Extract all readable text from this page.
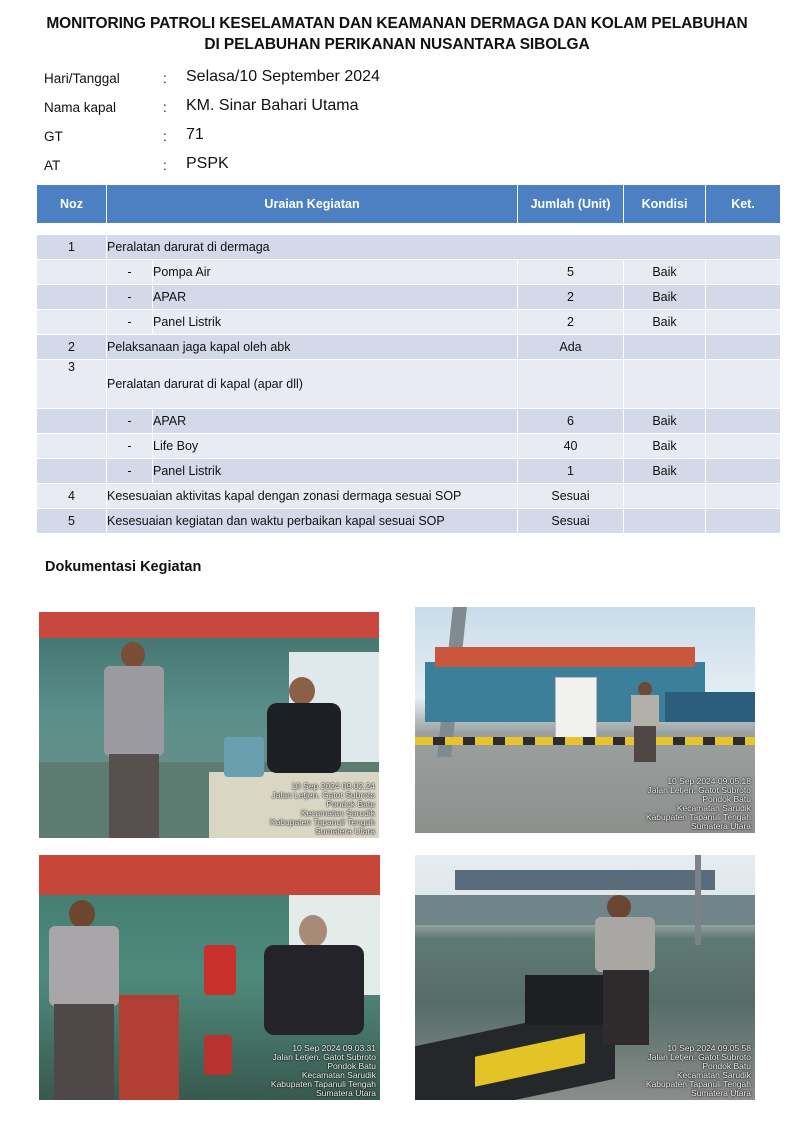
MONITORING PATROLI KESELAMATAN DAN KEAMANAN DERMAGA DAN KOLAM PELABUHAN
DI PELABUHAN PERIKANAN NUSANTARA SIBOLGA
Hari/Tanggal	: Selasa/10 September 2024
Nama kapal	: KM. Sinar Bahari Utama
GT	: 71
AT	: PSPK
Noz	Uraian Kegiatan		Jumlah (Unit)	Kondisi	Ket.

1	Peralatan darurat di dermaga				
	-	Pompa Air	5	Baik	
	-	APAR	2	Baik	
	-	Panel Listrik	2	Baik	
2	Pelaksanaan jaga kapal oleh abk		Ada		
3	Peralatan darurat di kapal (apar dll)				
	-	APAR	6	Baik	
	-	Life Boy	40	Baik	
	-	Panel Listrik	1	Baik	
4	Kesesuaian aktivitas kapal dengan zonasi dermaga sesuai SOP		Sesuai		
5	Kesesuaian kegiatan dan waktu perbaikan kapal sesuai SOP		Sesuai		
Dokumentasi Kegiatan
10 Sep 2024 09.02.24
Jalan Letjen. Gatot Subroto
Pondok Batu
Kecamatan Sarudik
Kabupaten Tapanuli Tengah
Sumatera Utara
10 Sep 2024 09.05.18
Jalan Letjen. Gatot Subroto
Pondok Batu
Kecamatan Sarudik
Kabupaten Tapanuli Tengah
Sumatera Utara
10 Sep 2024 09.03.31
Jalan Letjen. Gatot Subroto
Pondok Batu
Kecamatan Sarudik
Kabupaten Tapanuli Tengah
Sumatera Utara
10 Sep 2024 09.05.58
Jalan Letjen. Gatot Subroto
Pondok Batu
Kecamatan Sarudik
Kabupaten Tapanuli Tengah
Sumatera Utara
